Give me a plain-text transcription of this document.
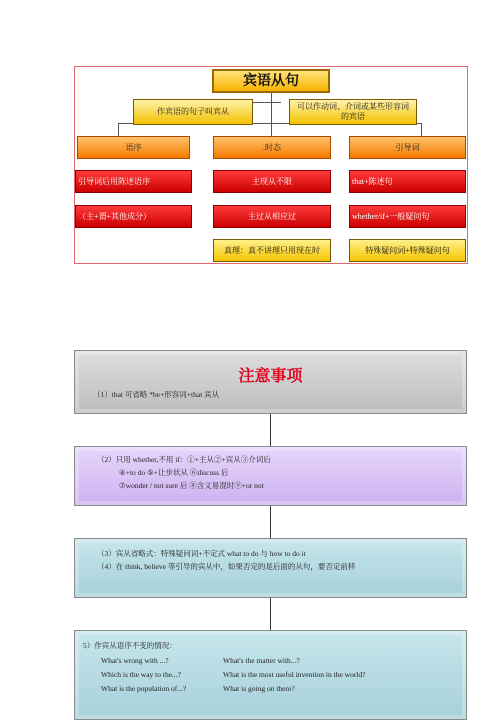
宾语从句
作宾语的句子叫宾从
可以作动词、介词或某些形容词的宾语
语序
引导词后用陈述语序
（主+谓+其他成分）
.时态
主现从不限
主过从相应过
真理：真不讲理只用现在时
引导词
that+陈述句
whether/if+一般疑问句
特殊疑问词+特殊疑问句
注意事项
（1）that 可省略 *be+形容词+that 宾从
（2）只用 whether,不用 if：①+主从②+宾从③介词后
④+to do ⑤+让步状从 ⑥discuss 后
⑦wonder / not sure 后 ⑧含义易混时⑨+or not
（3）宾从省略式：特殊疑问词+不定式 what to do 与 how to do it
（4）在 think, believe 等引导的宾从中，如果否定的是后面的从句，要否定前移
5）作宾从语序不变的情况：
What's wrong with ...?	What's the matter with...?
Which is the way to the...?	What is the most useful invention in the world?
What is the population of...?	What is going on there?
